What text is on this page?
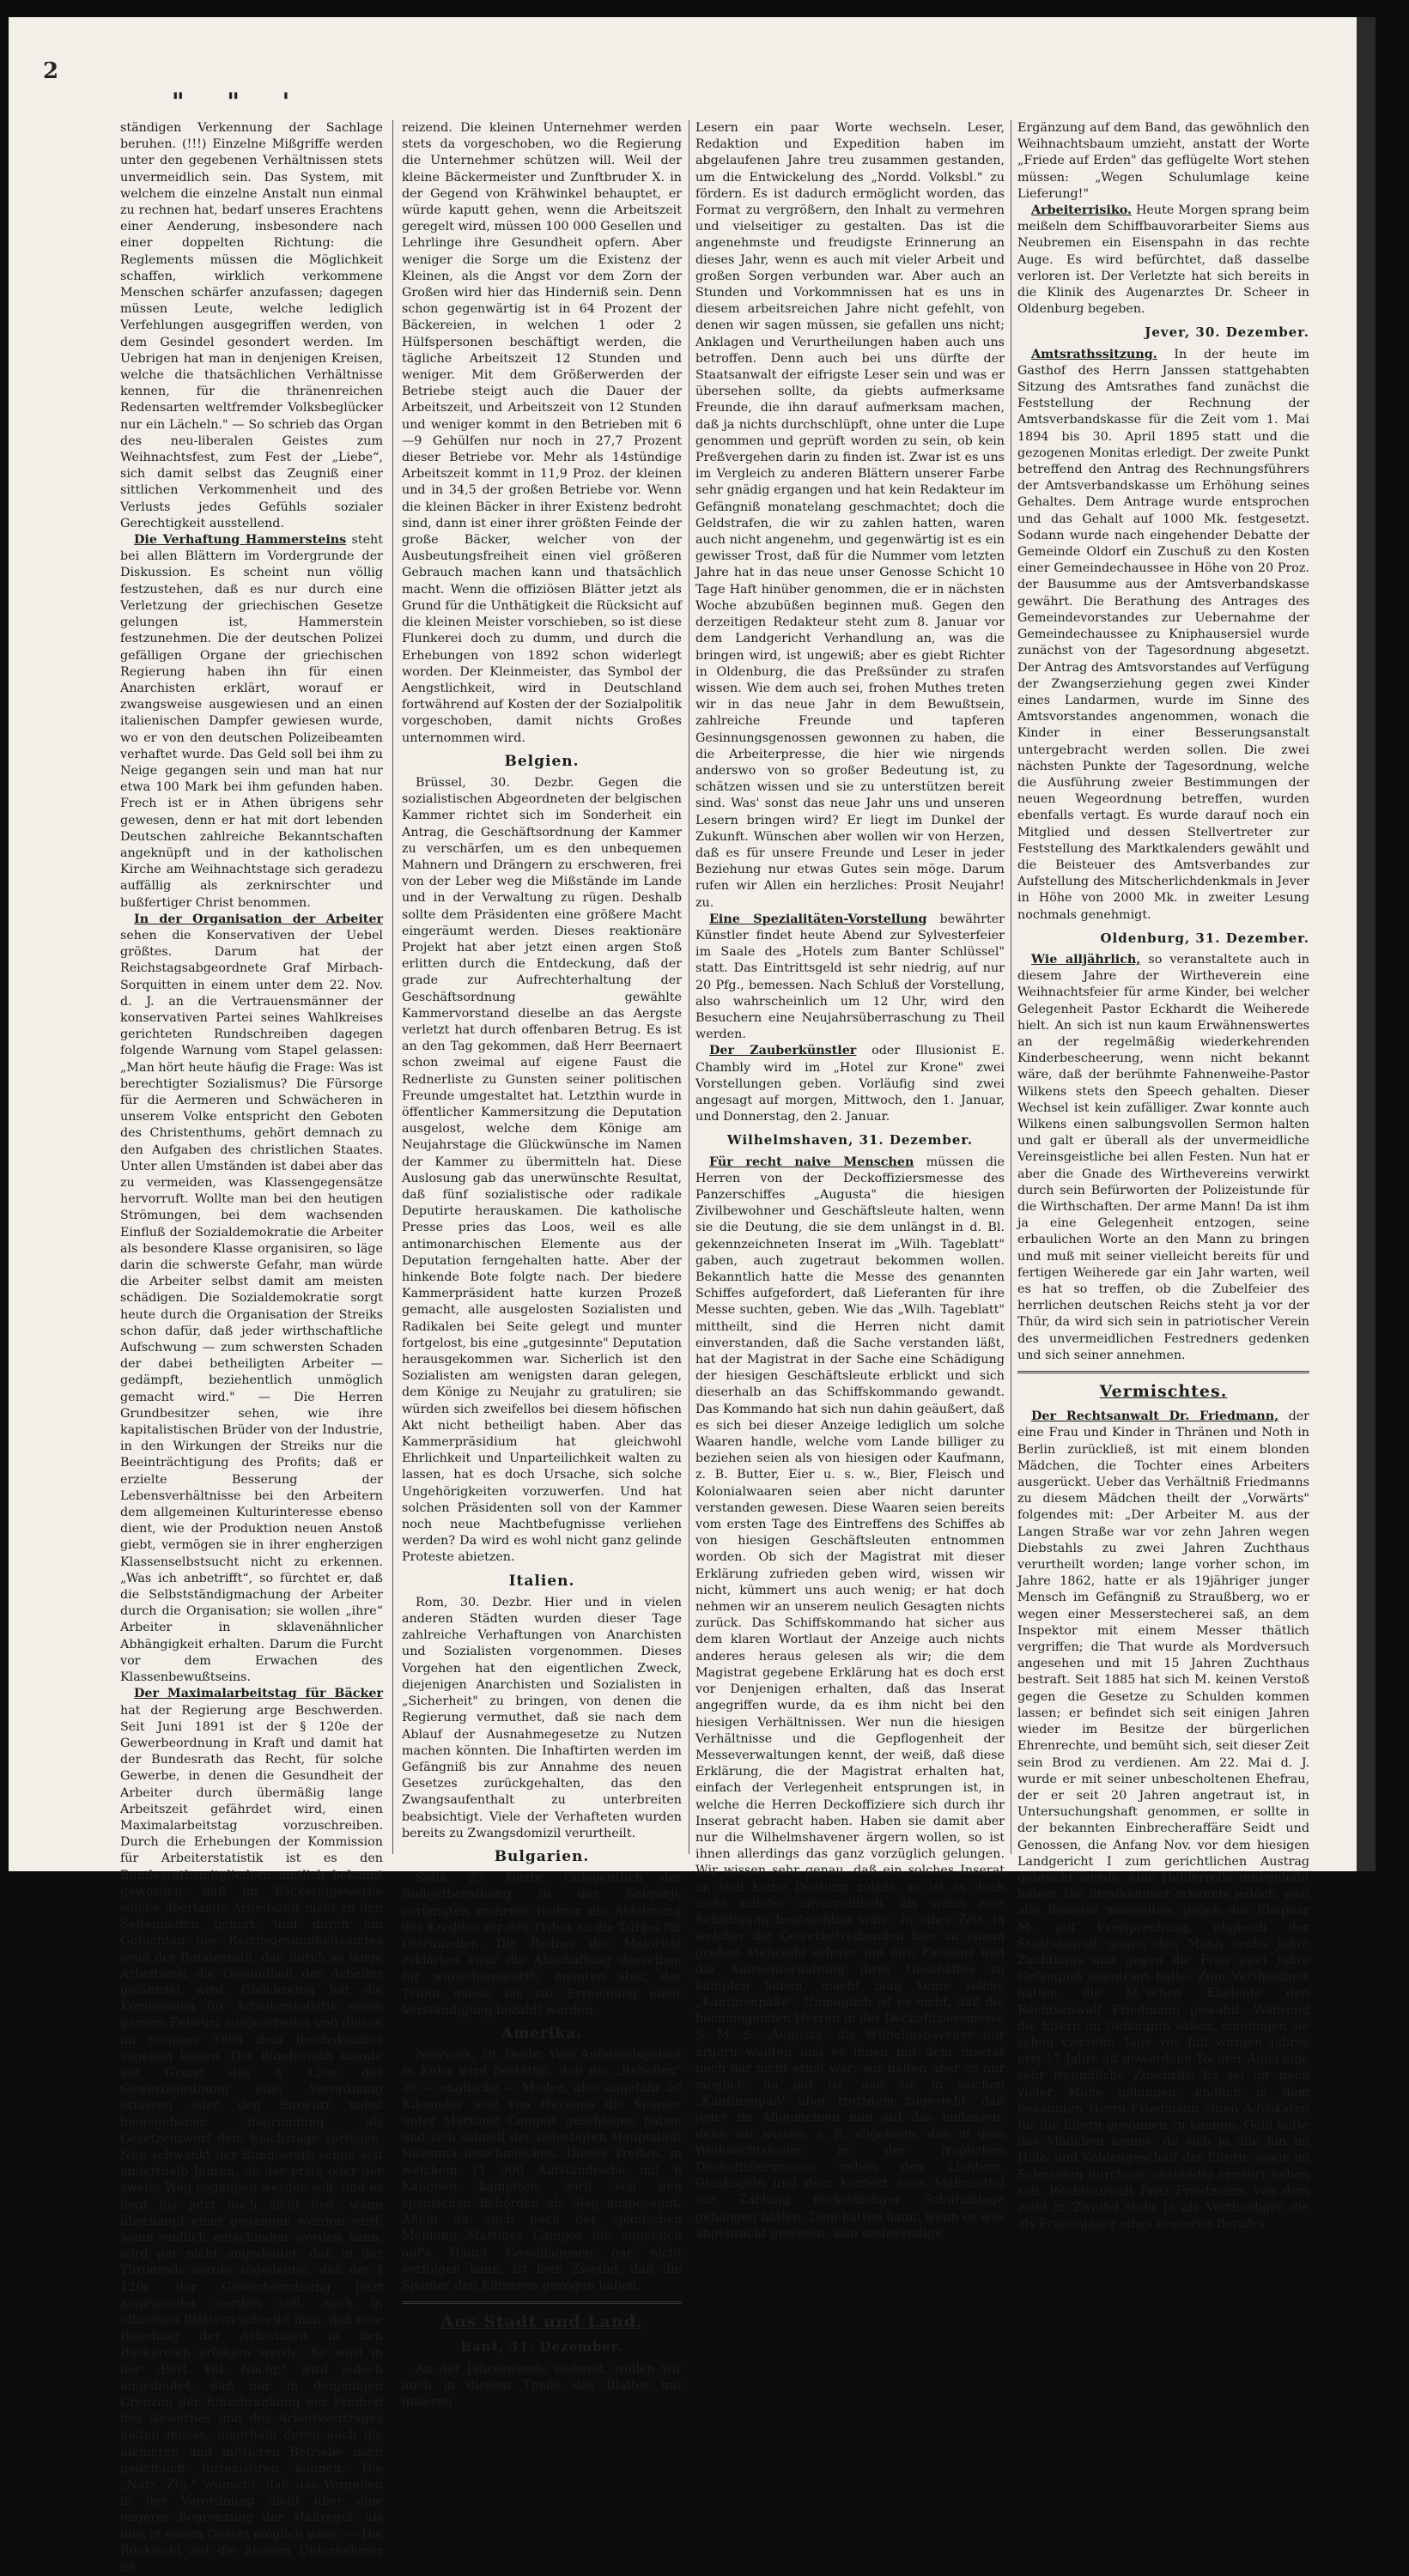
2
" " '

ständigen Verkennung der Sachlage beruhen. (!!!) Einzelne Mißgriffe werden unter den gegebenen Verhältnissen stets unvermeidlich sein. Das System, mit welchem die einzelne Anstalt nun einmal zu rechnen hat, bedarf unseres Erachtens einer Aenderung, insbesondere nach einer doppelten Richtung: die Reglements müssen die Möglichkeit schaffen, wirklich verkommene Menschen schärfer anzufassen; dagegen müssen Leute, welche lediglich Verfehlungen ausgegriffen werden, von dem Gesindel gesondert werden. Im Uebrigen hat man in denjenigen Kreisen, welche die thatsächlichen Verhältnisse kennen, für die thränenreichen Redensarten weltfremder Volksbeglücker nur ein Lächeln." — So schrieb das Organ des neu-liberalen Geistes zum Weihnachtsfest, zum Fest der „Liebe“, sich damit selbst das Zeugniß einer sittlichen Verkommenheit und des Verlusts jedes Gefühls sozialer Gerechtigkeit ausstellend.

Die Verhaftung Hammersteins steht bei allen Blättern im Vordergrunde der Diskussion. Es scheint nun völlig festzustehen, daß es nur durch eine Verletzung der griechischen Gesetze gelungen ist, Hammerstein festzunehmen. Die der deutschen Polizei gefälligen Organe der griechischen Regierung haben ihn für einen Anarchisten erklärt, worauf er zwangsweise ausgewiesen und an einen italienischen Dampfer gewiesen wurde, wo er von den deutschen Polizeibeamten verhaftet wurde. Das Geld soll bei ihm zu Neige gegangen sein und man hat nur etwa 100 Mark bei ihm gefunden haben. Frech ist er in Athen übrigens sehr gewesen, denn er hat mit dort lebenden Deutschen zahlreiche Bekanntschaften angeknüpft und in der katholischen Kirche am Weihnachtstage sich geradezu auffällig als zerknirschter und bußfertiger Christ benommen.

In der Organisation der Arbeiter sehen die Konservativen der Uebel größtes. Darum hat der Reichstagsabgeordnete Graf Mirbach-Sorquitten in einem unter dem 22. Nov. d. J. an die Vertrauensmänner der konservativen Partei seines Wahlkreises gerichteten Rundschreiben dagegen folgende Warnung vom Stapel gelassen: „Man hört heute häufig die Frage: Was ist berechtigter Sozialismus? Die Fürsorge für die Aermeren und Schwächeren in unserem Volke entspricht den Geboten des Christenthums, gehört demnach zu den Aufgaben des christlichen Staates. Unter allen Umständen ist dabei aber das zu vermeiden, was Klassengegensätze hervorruft. Wollte man bei den heutigen Strömungen, bei dem wachsenden Einfluß der Sozialdemokratie die Arbeiter als besondere Klasse organisiren, so läge darin die schwerste Gefahr, man würde die Arbeiter selbst damit am meisten schädigen. Die Sozialdemokratie sorgt heute durch die Organisation der Streiks schon dafür, daß jeder wirthschaftliche Aufschwung — zum schwersten Schaden der dabei betheiligten Arbeiter — gedämpft, beziehentlich unmöglich gemacht wird." — Die Herren Grundbesitzer sehen, wie ihre kapitalistischen Brüder von der Industrie, in den Wirkungen der Streiks nur die Beeinträchtigung des Profits; daß er erzielte Besserung der Lebensverhältnisse bei den Arbeitern dem allgemeinen Kulturinteresse ebenso dient, wie der Produktion neuen Anstoß giebt, vermögen sie in ihrer engherzigen Klassenselbstsucht nicht zu erkennen. „Was ich anbetrifft“, so fürchtet er, daß die Selbstständigmachung der Arbeiter durch die Organisation; sie wollen „ihre“ Arbeiter in sklavenähnlicher Abhängigkeit erhalten. Darum die Furcht vor dem Erwachen des Klassenbewußtseins.

Der Maximalarbeitstag für Bäcker hat der Regierung arge Beschwerden. Seit Juni 1891 ist der § 120e der Gewerbeordnung in Kraft und damit hat der Bundesrath das Recht, für solche Gewerbe, in denen die Gesundheit der Arbeiter durch übermäßig lange Arbeitszeit gefährdet wird, einen Maximalarbeitstag vorzuschreiben. Durch die Erhebungen der Kommission für Arbeiterstatistik ist es den Bundesrathsmitgliedern amtlich bekannt geworden, daß im Bäckereigewerbe solche überlange Arbeitszeit nicht zu den Seltenheiten gehört, und durch ein Gutachten des Reichsgesundheitsamtes weiß der Bundesrath, daß durch so lange Arbeitszeit die Gesundheit der Arbeiter gefährdet wird. Gleichzeitig hat die Kommission für Arbeiterstatistik einen ganzen Entwurf ausgearbeitet und diesen im Sommer 1894 dem Reichskanzler zugehen lassen. Der Bundesrath könnte auf Grund des § 120e der Gewerbeordnung eine Verordnung erlassen oder den Entwurf nebst beigegebener Begründung als Gesetzentwurf dem Reichstage vorlegen. Nun schwankt der Bundesrath schon seit anderthalb Jahren, ob der erste oder der zweite Weg gegangen werden soll, und es liegt bis jetzt noch nicht fest, wann überhaupt einer gegangen werden wird, wann endlich entschieden werden kann, wird gar nicht angedeutet, daß in der Thronrede wurde angedeutet, daß der § 120e der Gewerbeordnung jetzt angewendet werden soll. Auch in offiziösen Blättern schreibt man, daß eine Regelung der Arbeitszeit in den Bäckereien erfolgen werde. So wird in der „Berl. Pol. Nachr." wird jedoch angedeutet, daß nur in denjenigen Grenzen der Einschränkung der Freiheit des Gewerbes und des Arbeitsvertrages halten müsse, innerhalb deren auch die kleineren und mittleren Betriebe noch gedeihlich fortexistiren können. Die „Natz. Ztg." wünscht, daß das Vorgehen in der Verordnung nicht über eine engerer Begrenzung der Maßregel, als dies in einem Gesetz möglich wäre. — Die Rücksicht auf die kleinen Unternehmer ist

reizend. Die kleinen Unternehmer werden stets da vorgeschoben, wo die Regierung die Unternehmer schützen will. Weil der kleine Bäckermeister und Zunftbruder X. in der Gegend von Krähwinkel behauptet, er würde kaputt gehen, wenn die Arbeitszeit geregelt wird, müssen 100 000 Gesellen und Lehrlinge ihre Gesundheit opfern. Aber weniger die Sorge um die Existenz der Kleinen, als die Angst vor dem Zorn der Großen wird hier das Hinderniß sein. Denn schon gegenwärtig ist in 64 Prozent der Bäckereien, in welchen 1 oder 2 Hülfspersonen beschäftigt werden, die tägliche Arbeitszeit 12 Stunden und weniger. Mit dem Größerwerden der Betriebe steigt auch die Dauer der Arbeitszeit, und Arbeitszeit von 12 Stunden und weniger kommt in den Betrieben mit 6—9 Gehülfen nur noch in 27,7 Prozent dieser Betriebe vor. Mehr als 14stündige Arbeitszeit kommt in 11,9 Proz. der kleinen und in 34,5 der großen Betriebe vor. Wenn die kleinen Bäcker in ihrer Existenz bedroht sind, dann ist einer ihrer größten Feinde der große Bäcker, welcher von der Ausbeutungsfreiheit einen viel größeren Gebrauch machen kann und thatsächlich macht. Wenn die offiziösen Blätter jetzt als Grund für die Unthätigkeit die Rücksicht auf die kleinen Meister vorschieben, so ist diese Flunkerei doch zu dumm, und durch die Erhebungen von 1892 schon widerlegt worden. Der Kleinmeister, das Symbol der Aengstlichkeit, wird in Deutschland fortwährend auf Kosten der der Sozialpolitik vorgeschoben, damit nichts Großes unternommen wird.

Belgien.

Brüssel, 30. Dezbr. Gegen die sozialistischen Abgeordneten der belgischen Kammer richtet sich im Sonderheit ein Antrag, die Geschäftsordnung der Kammer zu verschärfen, um es den unbequemen Mahnern und Drängern zu erschweren, frei von der Leber weg die Mißstände im Lande und in der Verwaltung zu rügen. Deshalb sollte dem Präsidenten eine größere Macht eingeräumt werden. Dieses reaktionäre Projekt hat aber jetzt einen argen Stoß erlitten durch die Entdeckung, daß der grade zur Aufrechterhaltung der Geschäftsordnung gewählte Kammervorstand dieselbe an das Aergste verletzt hat durch offenbaren Betrug. Es ist an den Tag gekommen, daß Herr Beernaert schon zweimal auf eigene Faust die Rednerliste zu Gunsten seiner politischen Freunde umgestaltet hat. Letzthin wurde in öffentlicher Kammersitzung die Deputation ausgelost, welche dem Könige am Neujahrstage die Glückwünsche im Namen der Kammer zu übermitteln hat. Diese Auslosung gab das unerwünschte Resultat, daß fünf sozialistische oder radikale Deputirte herauskamen. Die katholische Presse pries das Loos, weil es alle antimonarchischen Elemente aus der Deputation ferngehalten hatte. Aber der hinkende Bote folgte nach. Der biedere Kammerpräsident hatte kurzen Prozeß gemacht, alle ausgelosten Sozialisten und Radikalen bei Seite gelegt und munter fortgelost, bis eine „gutgesinnte" Deputation herausgekommen war. Sicherlich ist den Sozialisten am wenigsten daran gelegen, dem Könige zu Neujahr zu gratuliren; sie würden sich zweifellos bei diesem höfischen Akt nicht betheiligt haben. Aber das Kammerpräsidium hat gleichwohl Ehrlichkeit und Unparteilichkeit walten zu lassen, hat es doch Ursache, sich solche Ungehörigkeiten vorzuwerfen. Und hat solchen Präsidenten soll von der Kammer noch neue Machtbefugnisse verliehen werden? Da wird es wohl nicht ganz gelinde Proteste abietzen.

Italien.

Rom, 30. Dezbr. Hier und in vielen anderen Städten wurden dieser Tage zahlreiche Verhaftungen von Anarchisten und Sozialisten vorgenommen. Dieses Vorgehen hat den eigentlichen Zweck, diejenigen Anarchisten und Sozialisten in „Sicherheit" zu bringen, von denen die Regierung vermuthet, daß sie nach dem Ablauf der Ausnahmegesetze zu Nutzen machen könnten. Die Inhaftirten werden im Gefängniß bis zur Annahme des neuen Gesetzes zurückgehalten, das den Zwangsaufenthalt zu unterbreiten beabsichtigt. Viele der Verhafteten wurden bereits zu Zwangsdomizil verurtheilt.

Bulgarien.

Sofia, 27. Dezbr. Gelegentlich der Budgetberathung in der Sobranje verlangten mehrere Redner die Ablehnung des Kredites für den Tribut an die Türkei für Ostrumelien. Die Redner der Majorität erklärten zwar die Abschaffung desselben für wünschenswerth, meinten aber, der Tribut müsse bis zur Erreichung einer Verständigung bezahlt werden.

Amerika.

Newyork, 29. Dezbr. Vom Aufstandsgebiet in Kuba wird bestätigt, daß die „Rebellen" 30 — englische — Meilen, also ungefähr 50 Kilometer weit von Havanna die Spanier unter Martinez Campos geschlagen haben und sich schnell der befestigten Hauptstadt Havanna losschmeichen. Dieses Treffen, in welchem 11 000 Aufständische mit 6 Kanonen kämpften, wird von den spanischen Behörden als Sieg ausposaunt. Allein da auch nach der spanischen Meldung Martinez Campos die angeblich auf's Haupt Geschlagenen gar nicht verfolgen kann, ist kein Zweifel, daß die Spanier den Kürzeren gezogen haben.

Aus Stadt und Land.
Bant, 31. Dezember.

An der Jahreswende stehend, wollen wir auch in diesem Theile des Blattes mit unseren

Lesern ein paar Worte wechseln. Leser, Redaktion und Expedition haben im abgelaufenen Jahre treu zusammen gestanden, um die Entwickelung des „Nordd. Volksbl." zu fördern. Es ist dadurch ermöglicht worden, das Format zu vergrößern, den Inhalt zu vermehren und vielseitiger zu gestalten. Das ist die angenehmste und freudigste Erinnerung an dieses Jahr, wenn es auch mit vieler Arbeit und großen Sorgen verbunden war. Aber auch an Stunden und Vorkommnissen hat es uns in diesem arbeitsreichen Jahre nicht gefehlt, von denen wir sagen müssen, sie gefallen uns nicht; Anklagen und Verurtheilungen haben auch uns betroffen. Denn auch bei uns dürfte der Staatsanwalt der eifrigste Leser sein und was er übersehen sollte, da giebts aufmerksame Freunde, die ihn darauf aufmerksam machen, daß ja nichts durchschlüpft, ohne unter die Lupe genommen und geprüft worden zu sein, ob kein Preßvergehen darin zu finden ist. Zwar ist es uns im Vergleich zu anderen Blättern unserer Farbe sehr gnädig ergangen und hat kein Redakteur im Gefängniß monatelang geschmachtet; doch die Geldstrafen, die wir zu zahlen hatten, waren auch nicht angenehm, und gegenwärtig ist es ein gewisser Trost, daß für die Nummer vom letzten Jahre hat in das neue unser Genosse Schicht 10 Tage Haft hinüber genommen, die er in nächsten Woche abzubüßen beginnen muß. Gegen den derzeitigen Redakteur steht zum 8. Januar vor dem Landgericht Verhandlung an, was die bringen wird, ist ungewiß; aber es giebt Richter in Oldenburg, die das Preßsünder zu strafen wissen. Wie dem auch sei, frohen Muthes treten wir in das neue Jahr in dem Bewußtsein, zahlreiche Freunde und tapferen Gesinnungsgenossen gewonnen zu haben, die die Arbeiterpresse, die hier wie nirgends anderswo von so großer Bedeutung ist, zu schätzen wissen und sie zu unterstützen bereit sind. Was' sonst das neue Jahr uns und unseren Lesern bringen wird? Er liegt im Dunkel der Zukunft. Wünschen aber wollen wir von Herzen, daß es für unsere Freunde und Leser in jeder Beziehung nur etwas Gutes sein möge. Darum rufen wir Allen ein herzliches: Prosit Neujahr! zu.

Eine Spezialitäten-Vorstellung bewährter Künstler findet heute Abend zur Sylvesterfeier im Saale des „Hotels zum Banter Schlüssel" statt. Das Eintrittsgeld ist sehr niedrig, auf nur 20 Pfg., bemessen. Nach Schluß der Vorstellung, also wahrscheinlich um 12 Uhr, wird den Besuchern eine Neujahrsüberraschung zu Theil werden.

Der Zauberkünstler oder Illusionist E. Chambly wird im „Hotel zur Krone" zwei Vorstellungen geben. Vorläufig sind zwei angesagt auf morgen, Mittwoch, den 1. Januar, und Donnerstag, den 2. Januar.

Wilhelmshaven, 31. Dezember.

Für recht naive Menschen müssen die Herren von der Deckoffiziersmesse des Panzerschiffes „Augusta" die hiesigen Zivilbewohner und Geschäftsleute halten, wenn sie die Deutung, die sie dem unlängst in d. Bl. gekennzeichneten Inserat im „Wilh. Tageblatt" gaben, auch zugetraut bekommen wollen. Bekanntlich hatte die Messe des genannten Schiffes aufgefordert, daß Lieferanten für ihre Messe suchten, geben. Wie das „Wilh. Tageblatt" mittheilt, sind die Herren nicht damit einverstanden, daß die Sache verstanden läßt, hat der Magistrat in der Sache eine Schädigung der hiesigen Geschäftsleute erblickt und sich dieserhalb an das Schiffskommando gewandt. Das Kommando hat sich nun dahin geäußert, daß es sich bei dieser Anzeige lediglich um solche Waaren handle, welche vom Lande billiger zu beziehen seien als von hiesigen oder Kaufmann, z. B. Butter, Eier u. s. w., Bier, Fleisch und Kolonialwaaren seien aber nicht darunter verstanden gewesen. Diese Waaren seien bereits vom ersten Tage des Eintreffens des Schiffes ab von hiesigen Geschäftsleuten entnommen worden. Ob sich der Magistrat mit dieser Erklärung zufrieden geben wird, wissen wir nicht, kümmert uns auch wenig; er hat doch nehmen wir an unserem neulich Gesagten nichts zurück. Das Schiffskommando hat sicher aus dem klaren Wortlaut der Anzeige auch nichts anderes heraus gelesen als wir; die dem Magistrat gegebene Erklärung hat es doch erst vor Denjenigen erhalten, daß das Inserat angegriffen wurde, da es ihm nicht bei den hiesigen Verhältnissen. Wer nun die hiesigen Verhältnisse und die Gepflogenheit der Messeverwaltungen kennt, der weiß, daß diese Erklärung, die der Magistrat erhalten hat, einfach der Verlegenheit entsprungen ist, in welche die Herren Deckoffiziere sich durch ihr Inserat gebracht haben. Haben sie damit aber nur die Wilhelmshavener ärgern wollen, so ist ihnen allerdings das ganz vorzüglich gelungen. Wir wissen sehr genau, daß ein solches Inserat an sich keine Deutung zuläßt, so ist es doch nicht minder unverzeihlich, als wenn eine Schädigung beabsichtigt wäre. In einer Zeit, in welcher die Gewerbetreibenden hier zu einem großen Mehrzahl schwer um ihre Existenz und die Aufrechterhaltung ihres Geschäftes zu kämpfen haben, macht man keine solche „Kantinenpäße". Unmöglich ist es nicht, daß die hochmögenden Herren in der Deckoffiziersmesse S. M. S. „Augusta" die Wilhelmshavener nur ärgern wollten und es ihnen mit dem Inserat noch gar nicht ernst war; wir halten aber es nur möglich, da gut ist, daß sie in solchen „Kantinenpaß" aber trotzdem zugesteht, daß jeder im Allgemeinen nun auf das einlassen; denn wir wissen, z. B. allgemein, daß in dem Weihnachtsbaum in der fraglichen Deckoffiziersmesse neben den Lichtern, Glaskugeln und dem Konfekt auch Mahnzettel zur Zahlung rückständiger Schulumlage gehangen hätten. Dem hätten bann, wenn es was angebracht gewesen, also nothwendige

Ergänzung auf dem Band, das gewöhnlich den Weihnachtsbaum umzieht, anstatt der Worte „Friede auf Erden" das geflügelte Wort stehen müssen: „Wegen Schulumlage keine Lieferung!"

Arbeiterrisiko. Heute Morgen sprang beim meißeln dem Schiffbauvorarbeiter Siems aus Neubremen ein Eisenspahn in das rechte Auge. Es wird befürchtet, daß dasselbe verloren ist. Der Verletzte hat sich bereits in die Klinik des Augenarztes Dr. Scheer in Oldenburg begeben.

Jever, 30. Dezember.

Amtsrathssitzung. In der heute im Gasthof des Herrn Janssen stattgehabten Sitzung des Amtsrathes fand zunächst die Feststellung der Rechnung der Amtsverbandskasse für die Zeit vom 1. Mai 1894 bis 30. April 1895 statt und die gezogenen Monitas erledigt. Der zweite Punkt betreffend den Antrag des Rechnungsführers der Amtsverbandskasse um Erhöhung seines Gehaltes. Dem Antrage wurde entsprochen und das Gehalt auf 1000 Mk. festgesetzt. Sodann wurde nach eingehender Debatte der Gemeinde Oldorf ein Zuschuß zu den Kosten einer Gemeindechaussee in Höhe von 20 Proz. der Bausumme aus der Amtsverbandskasse gewährt. Die Berathung des Antrages des Gemeindevorstandes zur Uebernahme der Gemeindechaussee zu Kniphausersiel wurde zunächst von der Tagesordnung abgesetzt. Der Antrag des Amtsvorstandes auf Verfügung der Zwangserziehung gegen zwei Kinder eines Landarmen, wurde im Sinne des Amtsvorstandes angenommen, wonach die Kinder in einer Besserungsanstalt untergebracht werden sollen. Die zwei nächsten Punkte der Tagesordnung, welche die Ausführung zweier Bestimmungen der neuen Wegeordnung betreffen, wurden ebenfalls vertagt. Es wurde darauf noch ein Mitglied und dessen Stellvertreter zur Feststellung des Marktkalenders gewählt und die Beisteuer des Amtsverbandes zur Aufstellung des Mitscherlichdenkmals in Jever in Höhe von 2000 Mk. in zweiter Lesung nochmals genehmigt.

Oldenburg, 31. Dezember.

Wie alljährlich, so veranstaltete auch in diesem Jahre der Wirtheverein eine Weihnachtsfeier für arme Kinder, bei welcher Gelegenheit Pastor Eckhardt die Weiherede hielt. An sich ist nun kaum Erwähnenswertes an der regelmäßig wiederkehrenden Kinderbescheerung, wenn nicht bekannt wäre, daß der berühmte Fahnenweihe-Pastor Wilkens stets den Speech gehalten. Dieser Wechsel ist kein zufälliger. Zwar konnte auch Wilkens einen salbungsvollen Sermon halten und galt er überall als der unvermeidliche Vereinsgeistliche bei allen Festen. Nun hat er aber die Gnade des Wirthevereins verwirkt durch sein Befürworten der Polizeistunde für die Wirthschaften. Der arme Mann! Da ist ihm ja eine Gelegenheit entzogen, seine erbaulichen Worte an den Mann zu bringen und muß mit seiner vielleicht bereits für und fertigen Weiherede gar ein Jahr warten, weil es hat so treffen, ob die Zubelfeier des herrlichen deutschen Reichs steht ja vor der Thür, da wird sich sein in patriotischer Verein des unvermeidlichen Festredners gedenken und sich seiner annehmen.

Vermischtes.

Der Rechtsanwalt Dr. Friedmann, der eine Frau und Kinder in Thränen und Noth in Berlin zurückließ, ist mit einem blonden Mädchen, die Tochter eines Arbeiters ausgerückt. Ueber das Verhältniß Friedmanns zu diesem Mädchen theilt der „Vorwärts" folgendes mit: „Der Arbeiter M. aus der Langen Straße war vor zehn Jahren wegen Diebstahls zu zwei Jahren Zuchthaus verurtheilt worden; lange vorher schon, im Jahre 1862, hatte er als 19jähriger junger Mensch im Gefängniß zu Straußberg, wo er wegen einer Messerstecherei saß, an dem Inspektor mit einem Messer thätlich vergriffen; die That wurde als Mordversuch angesehen und mit 15 Jahren Zuchthaus bestraft. Seit 1885 hat sich M. keinen Verstoß gegen die Gesetze zu Schulden kommen lassen; er befindet sich seit einigen Jahren wieder im Besitze der bürgerlichen Ehrenrechte, und bemüht sich, seit dieser Zeit sein Brod zu verdienen. Am 22. Mai d. J. wurde er mit seiner unbescholtenen Ehefrau, der er seit 20 Jahren angetraut ist, in Untersuchungshaft genommen, er sollte in der bekannten Einbrecheraffäre Seidt und Genossen, die Anfang Nov. vor dem hiesigen Landgericht I zum gerichtlichen Austrag gebracht wurde, eine Hehlerrolle innegehabt haben. Die Strafkammer erkannte jedoch, weil alle Beweise mangelten, gegen das Ehepaar M. auf Freisprechung, obgleich der Staatsanwalt gegen den Mann sechs Jahre Zuchthaus und gegen die Frau zwei Jahre Gefängniß beantragt hatte. Zum Vertheidiger hatten die M.'schen Eheleute den Rechtsanwalt Friedmann gewählt. Während die Eltern im Gefängniß saßen, empfingen sie schon vierzehn Tage vor Juli vorigen Jahres erst 17 Jahre alt gewordene Tochter Anna eine sehr freundliche Zuschrift: Es sei ihr nach vieler Mühe gelungen, endlich in dem bekannten Herrn Friedmann einen Advokaten für die Eltern gewinnen zu können; Geld hatte das Mädchen keines, da sich ja alle hin im Holz- und Kohlengeschäft der Eltern, sowie im Schneiden durchaus anständig ernährt haben soll. Rechtsanwalt Fritz Friedmann, von dem wohl in Zweifel steht ja als Vertheidiger die als Frauenjäger eines besseren Berufes
